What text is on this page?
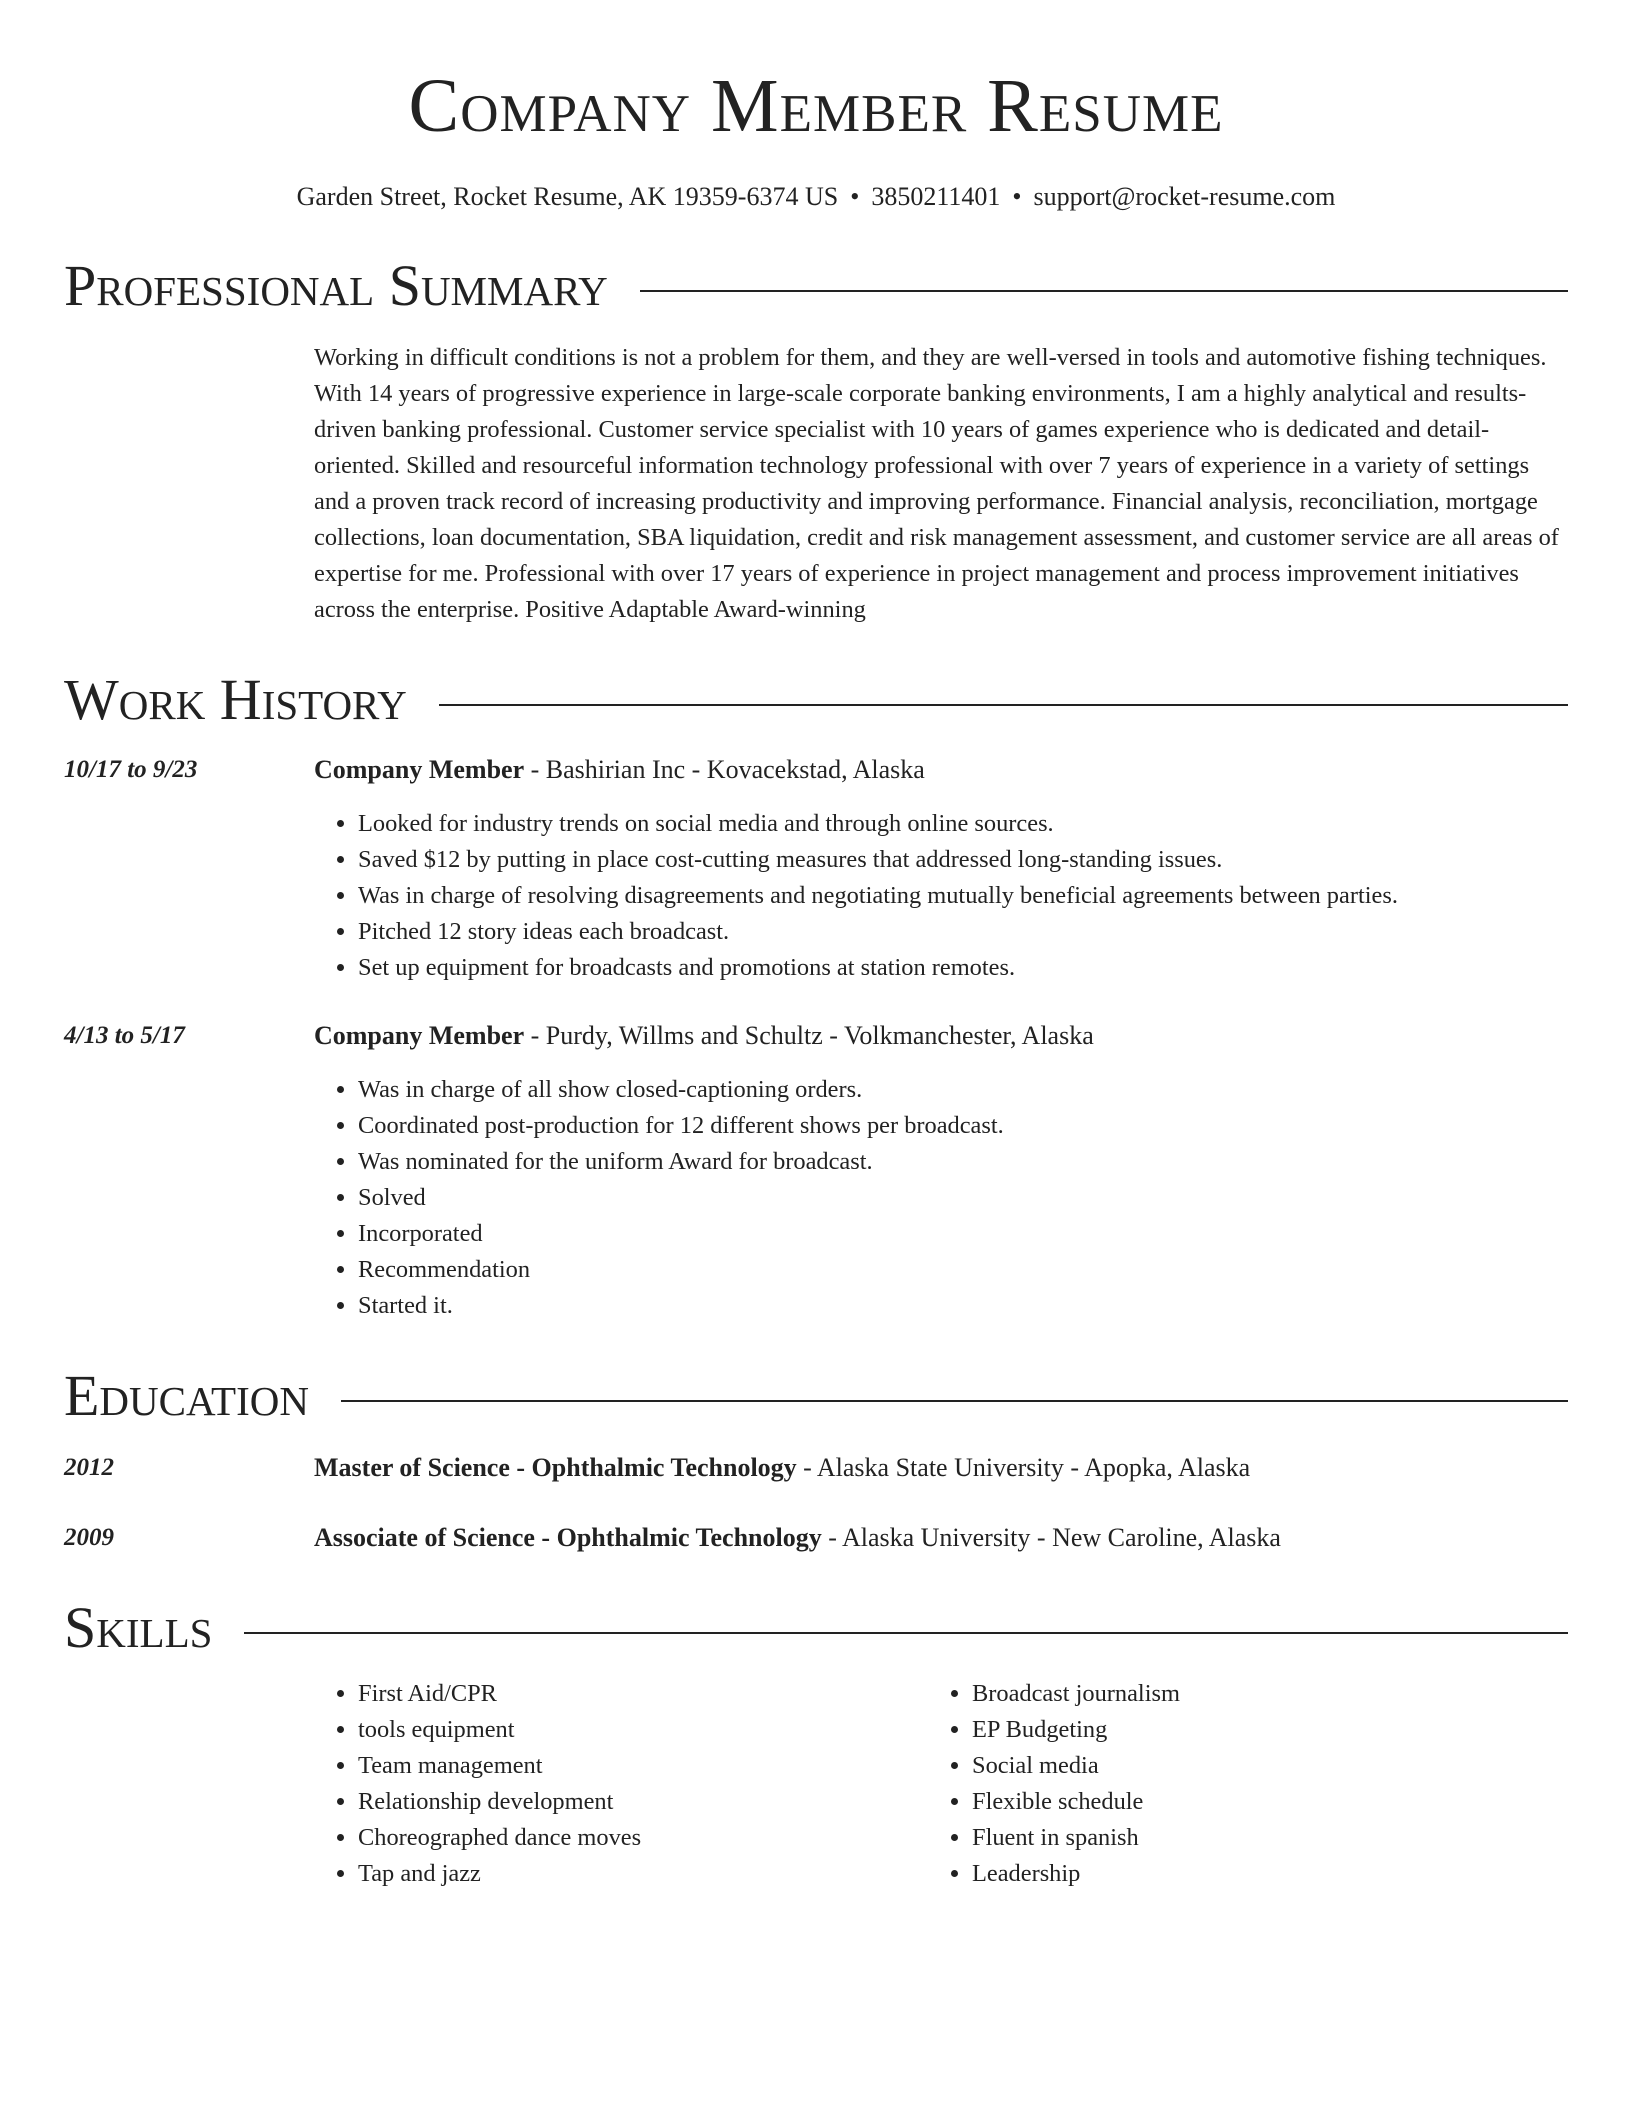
Company Member Resume
Garden Street, Rocket Resume, AK 19359-6374 US • 3850211401 • support@rocket-resume.com
Professional Summary
Working in difficult conditions is not a problem for them, and they are well-versed in tools and automotive fishing techniques. With 14 years of progressive experience in large-scale corporate banking environments, I am a highly analytical and results-driven banking professional. Customer service specialist with 10 years of games experience who is dedicated and detail-oriented. Skilled and resourceful information technology professional with over 7 years of experience in a variety of settings and a proven track record of increasing productivity and improving performance. Financial analysis, reconciliation, mortgage collections, loan documentation, SBA liquidation, credit and risk management assessment, and customer service are all areas of expertise for me. Professional with over 17 years of experience in project management and process improvement initiatives across the enterprise. Positive Adaptable Award-winning
Work History
10/17 to 9/23	Company Member - Bashirian Inc - Kovacekstad, Alaska
• Looked for industry trends on social media and through online sources.
• Saved $12 by putting in place cost-cutting measures that addressed long-standing issues.
• Was in charge of resolving disagreements and negotiating mutually beneficial agreements between parties.
• Pitched 12 story ideas each broadcast.
• Set up equipment for broadcasts and promotions at station remotes.
4/13 to 5/17	Company Member - Purdy, Willms and Schultz - Volkmanchester, Alaska
• Was in charge of all show closed-captioning orders.
• Coordinated post-production for 12 different shows per broadcast.
• Was nominated for the uniform Award for broadcast.
• Solved
• Incorporated
• Recommendation
• Started it.
Education
2012	Master of Science - Ophthalmic Technology - Alaska State University - Apopka, Alaska
2009	Associate of Science - Ophthalmic Technology - Alaska University - New Caroline, Alaska
Skills
• First Aid/CPR
• tools equipment
• Team management
• Relationship development
• Choreographed dance moves
• Tap and jazz
• Broadcast journalism
• EP Budgeting
• Social media
• Flexible schedule
• Fluent in spanish
• Leadership
